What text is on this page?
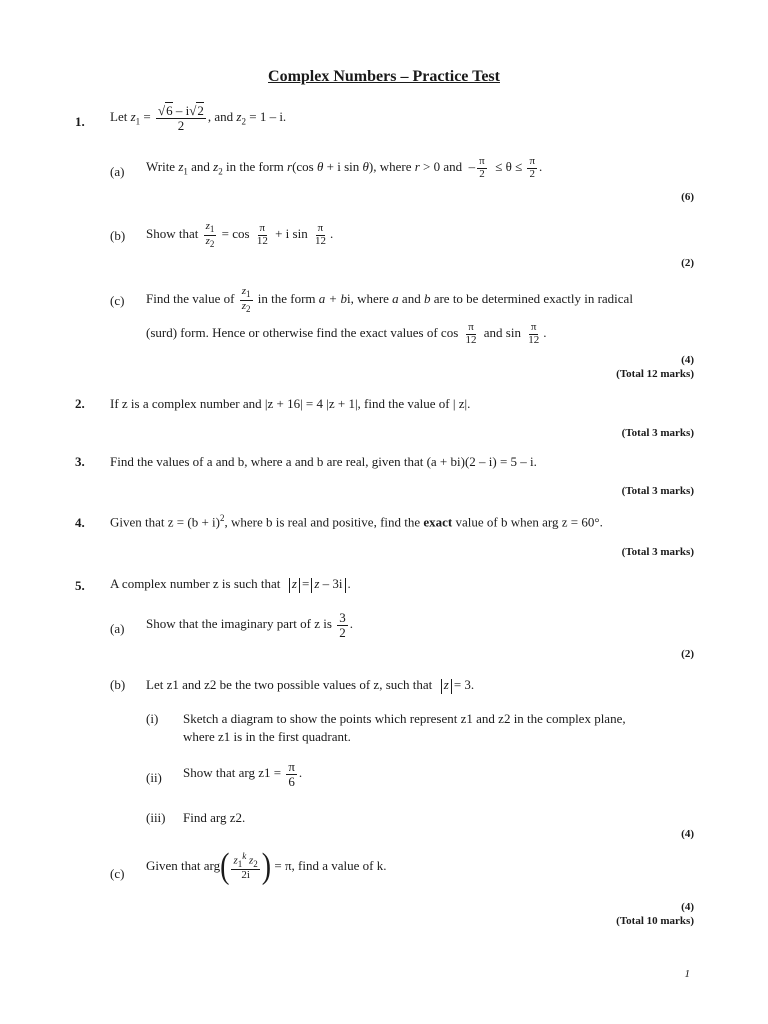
Complex Numbers – Practice Test
1. Let $z_1 = \frac{√6 - i√2}{2}$ , and $z_2 = 1 - i$.
(a) Write $z_1$ and $z_2$ in the form r(cos θ + i sin θ), where r > 0 and  – $\frac{\pi}{2} \le \theta \le \frac{\pi}{2}$ .
(6)
(b) Show that $\frac{z_1}{z_2} = \cos \frac{\pi}{12} + i$ $\sin \frac{\pi}{12}$ .
(2)
(c) Find the value of $\frac{z_1}{z_2}$ in the form a + bi, where a and b are to be determined exactly in radical
(surd) form. Hence or otherwise find the exact values of $\cos \frac{\pi}{12}$ and $\sin \frac{\pi}{12}$ .
(4)
(Total 12 marks)
2. If z is a complex number and |z + 16| = 4 |z + 1|, find the value of | z|.
(Total 3 marks)
3. Find the values of a and b, where a and b are real, given that (a + bi)(2 – i) = 5 – i.
(Total 3 marks)
4. Given that $z = (b + i)^2$, where b is real and positive, find the exact value of b when arg z = 60°.
(Total 3 marks)
5. A complex number z is such that z = z – 3i .
(a) Show that the imaginary part of z is $\frac{3}{2}$ .
(2)
(b) Let z1 and z2 be the two possible values of z, such that z = 3.
(i) Sketch a diagram to show the points which represent z1 and z2 in the complex plane,
where z1 is in the first quadrant.
(ii) Show that arg $z1 = \frac{\pi}{6}$ .
(iii) Find arg z2.
(4)
(c)
Given that $arg( \frac{z_1^k z_2}{2i}$ ) = π, find a value of k.
(4)
(Total 10 marks)
1
